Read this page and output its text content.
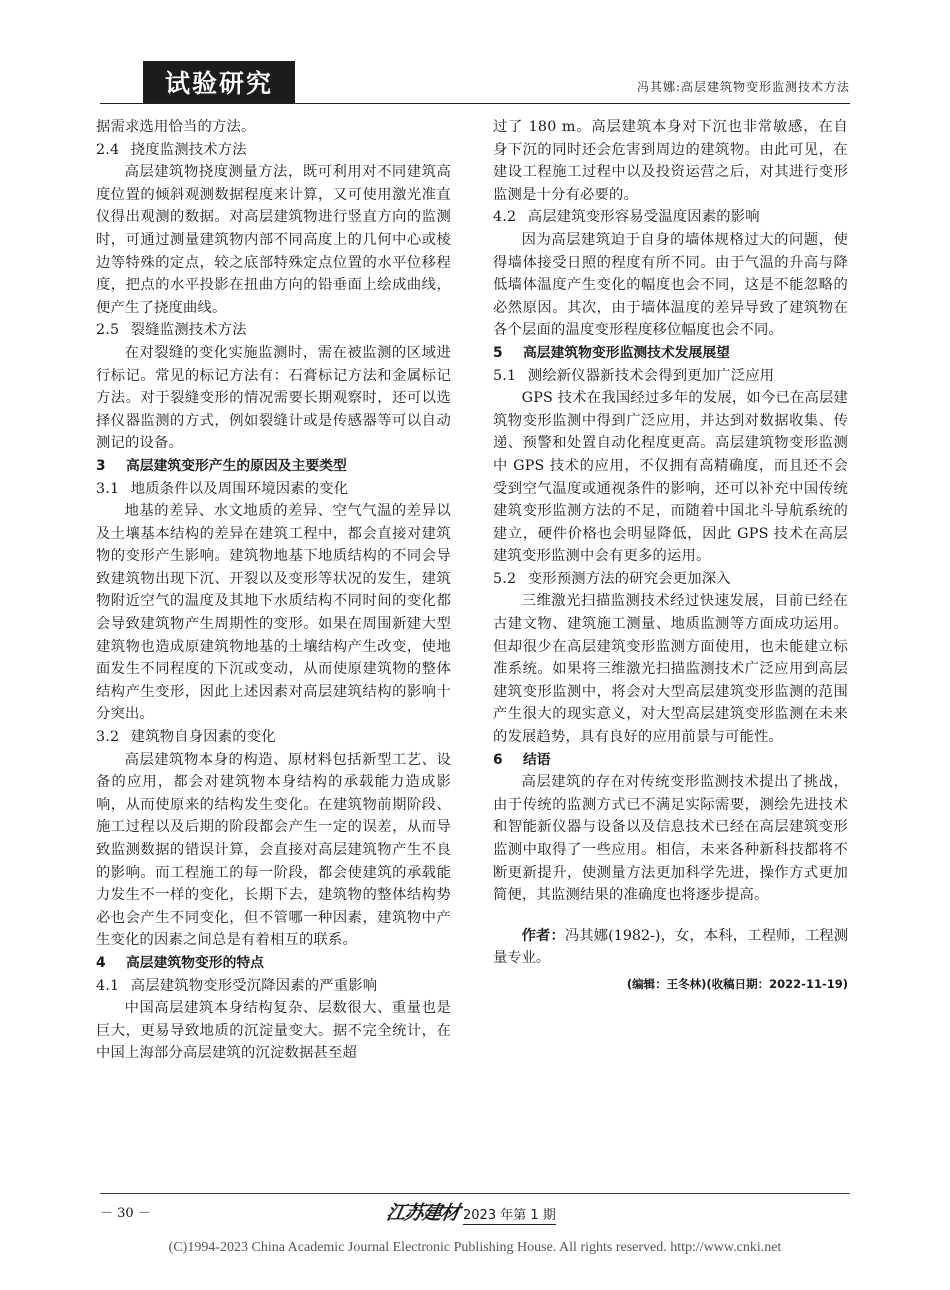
试验研究	冯其娜:高层建筑物变形监测技术方法

据需求选用恰当的方法。

2.4 挠度监测技术方法

高层建筑物挠度测量方法，既可利用对不同建筑高度位置的倾斜观测数据程度来计算，又可使用激光准直仪得出观测的数据。对高层建筑物进行竖直方向的监测时，可通过测量建筑物内部不同高度上的几何中心或棱边等特殊的定点，较之底部特殊定点位置的水平位移程度，把点的水平投影在扭曲方向的铅垂面上绘成曲线，便产生了挠度曲线。

2.5 裂缝监测技术方法

在对裂缝的变化实施监测时，需在被监测的区域进行标记。常见的标记方法有：石膏标记方法和金属标记方法。对于裂缝变形的情况需要长期观察时，还可以选择仪器监测的方式，例如裂缝计或是传感器等可以自动测记的设备。

3 高层建筑变形产生的原因及主要类型

3.1 地质条件以及周围环境因素的变化

地基的差异、水文地质的差异、空气气温的差异以及土壤基本结构的差异在建筑工程中，都会直接对建筑物的变形产生影响。建筑物地基下地质结构的不同会导致建筑物出现下沉、开裂以及变形等状况的发生，建筑物附近空气的温度及其地下水质结构不同时间的变化都会导致建筑物产生周期性的变形。如果在周围新建大型建筑物也造成原建筑物地基的土壤结构产生改变，使地面发生不同程度的下沉或变动，从而使原建筑物的整体结构产生变形，因此上述因素对高层建筑结构的影响十分突出。

3.2 建筑物自身因素的变化

高层建筑物本身的构造、原材料包括新型工艺、设备的应用，都会对建筑物本身结构的承载能力造成影响，从而使原来的结构发生变化。在建筑物前期阶段、施工过程以及后期的阶段都会产生一定的误差，从而导致监测数据的错误计算，会直接对高层建筑物产生不良的影响。而工程施工的每一阶段，都会使建筑的承载能力发生不一样的变化，长期下去，建筑物的整体结构势必也会产生不同变化，但不管哪一种因素，建筑物中产生变化的因素之间总是有着相互的联系。

4 高层建筑物变形的特点

4.1 高层建筑物变形受沉降因素的严重影响

中国高层建筑本身结构复杂、层数很大、重量也是巨大，更易导致地质的沉淀量变大。据不完全统计，在中国上海部分高层建筑的沉淀数据甚至超

过了 180 m。高层建筑本身对下沉也非常敏感，在自身下沉的同时还会危害到周边的建筑物。由此可见，在建设工程施工过程中以及投资运营之后，对其进行变形监测是十分有必要的。

4.2 高层建筑变形容易受温度因素的影响

因为高层建筑迫于自身的墙体规格过大的问题，使得墙体接受日照的程度有所不同。由于气温的升高与降低墙体温度产生变化的幅度也会不同，这是不能忽略的必然原因。其次，由于墙体温度的差异导致了建筑物在各个层面的温度变形程度移位幅度也会不同。

5 高层建筑物变形监测技术发展展望

5.1 测绘新仪器新技术会得到更加广泛应用

GPS 技术在我国经过多年的发展，如今已在高层建筑物变形监测中得到广泛应用，并达到对数据收集、传递、预警和处置自动化程度更高。高层建筑物变形监测中 GPS 技术的应用，不仅拥有高精确度，而且还不会受到空气温度或通视条件的影响，还可以补充中国传统建筑变形监测方法的不足，而随着中国北斗导航系统的建立，硬件价格也会明显降低，因此 GPS 技术在高层建筑变形监测中会有更多的运用。

5.2 变形预测方法的研究会更加深入

三维激光扫描监测技术经过快速发展，目前已经在古建文物、建筑施工测量、地质监测等方面成功运用。但却很少在高层建筑变形监测方面使用，也未能建立标准系统。如果将三维激光扫描监测技术广泛应用到高层建筑变形监测中，将会对大型高层建筑变形监测的范围产生很大的现实意义，对大型高层建筑变形监测在未来的发展趋势，具有良好的应用前景与可能性。

6 结语

高层建筑的存在对传统变形监测技术提出了挑战，由于传统的监测方式已不满足实际需要，测绘先进技术和智能新仪器与设备以及信息技术已经在高层建筑变形监测中取得了一些应用。相信，未来各种新科技都将不断更新提升，使测量方法更加科学先进，操作方式更加简便，其监测结果的准确度也将逐步提高。

作者：冯其娜(1982-)，女，本科，工程师，工程测量专业。

(编辑：王冬林)(收稿日期：2022-11-19)

－ 30 －	江苏建材 2023 年第 1 期
(C)1994-2023 China Academic Journal Electronic Publishing House. All rights reserved. http://www.cnki.net
